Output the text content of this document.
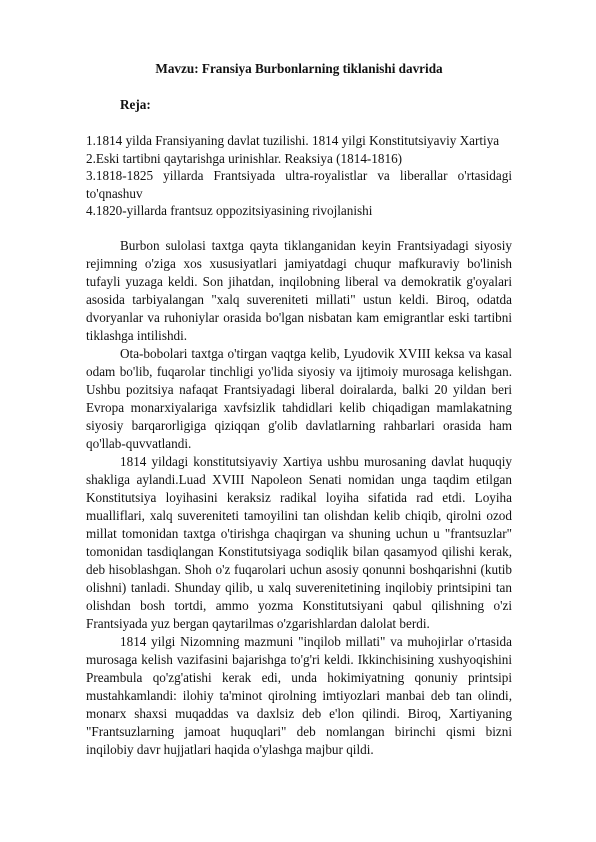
Mavzu: Fransiya Burbonlarning tiklanishi davrida

Reja:

1.1814 yilda Fransiyaning davlat tuzilishi. 1814 yilgi Konstitutsiyaviy Xartiya
2.Eski tartibni qaytarishga urinishlar. Reaksiya (1814-1816)
3.1818-1825 yillarda Frantsiyada ultra-royalistlar va liberallar o'rtasidagi to'qnashuv
4.1820-yillarda frantsuz oppozitsiyasining rivojlanishi

Burbon sulolasi taxtga qayta tiklanganidan keyin Frantsiyadagi siyosiy rejimning o'ziga xos xususiyatlari jamiyatdagi chuqur mafkuraviy bo'linish tufayli yuzaga keldi. Son jihatdan, inqilobning liberal va demokratik g'oyalari asosida tarbiyalangan "xalq suvereniteti millati" ustun keldi. Biroq, odatda dvoryanlar va ruhoniylar orasida bo'lgan nisbatan kam emigrantlar eski tartibni tiklashga intilishdi.

Ota-bobolari taxtga o'tirgan vaqtga kelib, Lyudovik XVIII keksa va kasal odam bo'lib, fuqarolar tinchligi yo'lida siyosiy va ijtimoiy murosaga kelishgan. Ushbu pozitsiya nafaqat Frantsiyadagi liberal doiralarda, balki 20 yildan beri Evropa monarxiyalariga xavfsizlik tahdidlari kelib chiqadigan mamlakatning siyosiy barqarorligiga qiziqqan g'olib davlatlarning rahbarlari orasida ham qo'llab-quvvatlandi.

1814 yildagi konstitutsiyaviy Xartiya ushbu murosaning davlat huquqiy shakliga aylandi.Luad XVIII Napoleon Senati nomidan unga taqdim etilgan Konstitutsiya loyihasini keraksiz radikal loyiha sifatida rad etdi. Loyiha mualliflari, xalq suvereniteti tamoyilini tan olishdan kelib chiqib, qirolni ozod millat tomonidan taxtga o'tirishga chaqirgan va shuning uchun u "frantsuzlar" tomonidan tasdiqlangan Konstitutsiyaga sodiqlik bilan qasamyod qilishi kerak, deb hisoblashgan. Shoh o'z fuqarolari uchun asosiy qonunni boshqarishni (kutib olishni) tanladi. Shunday qilib, u xalq suverenitetining inqilobiy printsipini tan olishdan bosh tortdi, ammo yozma Konstitutsiyani qabul qilishning o'zi Frantsiyada yuz bergan qaytarilmas o'zgarishlardan dalolat berdi.

1814 yilgi Nizomning mazmuni "inqilob millati" va muhojirlar o'rtasida murosaga kelish vazifasini bajarishga to'g'ri keldi. Ikkinchisining xushyoqishini Preambula qo'zg'atishi kerak edi, unda hokimiyatning qonuniy printsipi mustahkamlandi: ilohiy ta'minot qirolning imtiyozlari manbai deb tan olindi, monarx shaxsi muqaddas va daxlsiz deb e'lon qilindi. Biroq, Xartiyaning "Frantsuzlarning jamoat huquqlari" deb nomlangan birinchi qismi bizni inqilobiy davr hujjatlari haqida o'ylashga majbur qildi.
